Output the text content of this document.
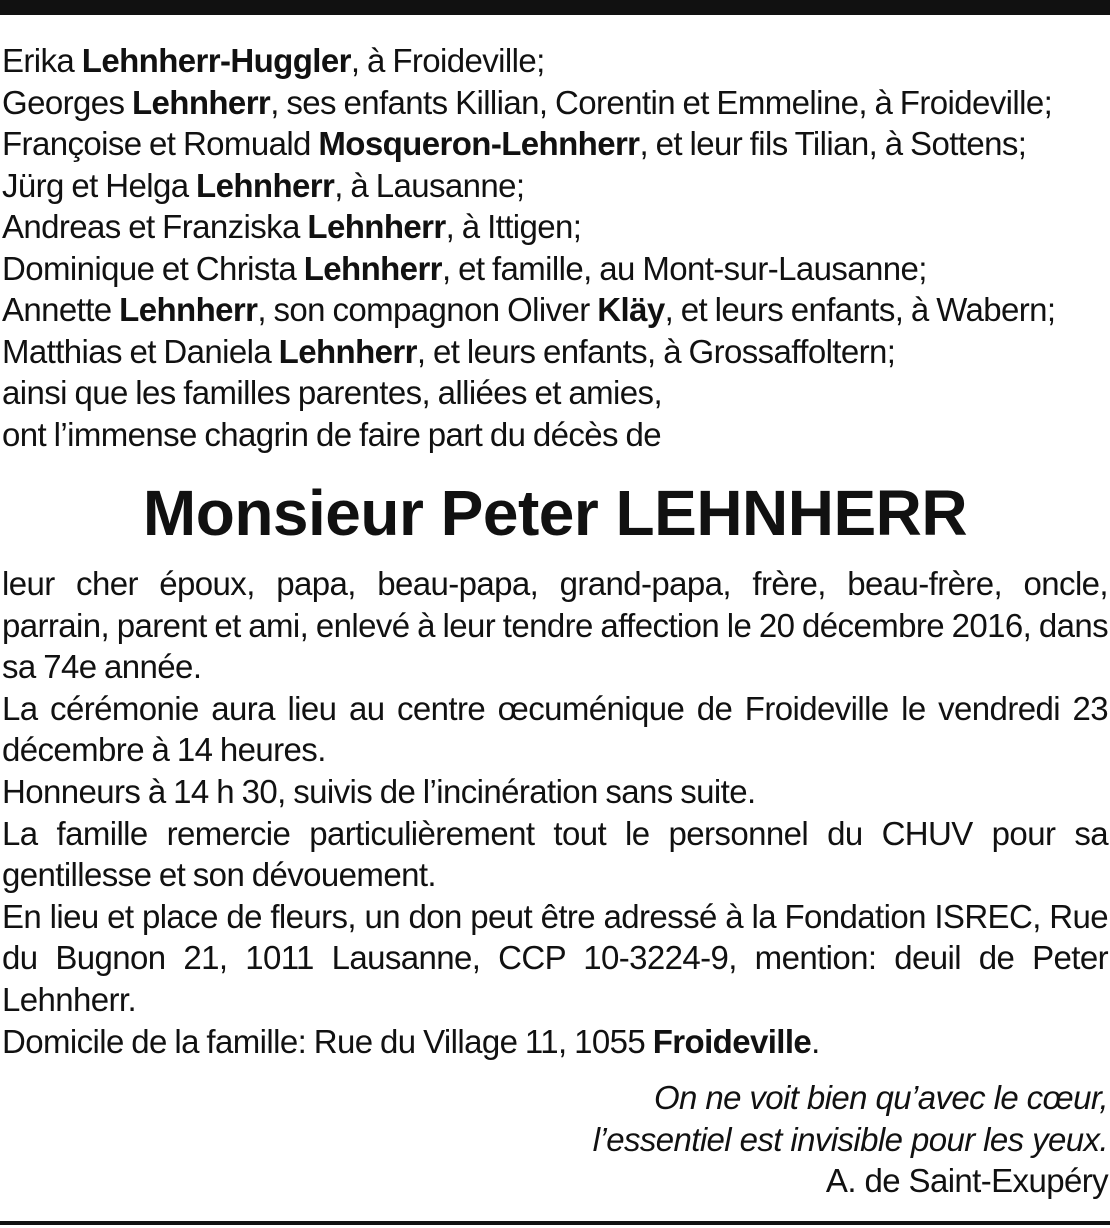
Erika Lehnherr-Huggler, à Froideville;
Georges Lehnherr, ses enfants Killian, Corentin et Emmeline, à Froideville;
Françoise et Romuald Mosqueron-Lehnherr, et leur fils Tilian, à Sottens;
Jürg et Helga Lehnherr, à Lausanne;
Andreas et Franziska Lehnherr, à Ittigen;
Dominique et Christa Lehnherr, et famille, au Mont-sur-Lausanne;
Annette Lehnherr, son compagnon Oliver Kläy, et leurs enfants, à Wabern;
Matthias et Daniela Lehnherr, et leurs enfants, à Grossaffoltern;
ainsi que les familles parentes, alliées et amies,
ont l’immense chagrin de faire part du décès de
Monsieur Peter LEHNHERR

leur cher époux, papa, beau-papa, grand-papa, frère, beau-frère, oncle, parrain, parent et ami, enlevé à leur tendre affection le 20 décembre 2016, dans sa 74e année.

La cérémonie aura lieu au centre œcuménique de Froideville le vendredi 23 décembre à 14 heures.

Honneurs à 14 h 30, suivis de l’incinération sans suite.

La famille remercie particulièrement tout le personnel du CHUV pour sa gentillesse et son dévouement.

En lieu et place de fleurs, un don peut être adressé à la Fondation ISREC, Rue du Bugnon 21, 1011 Lausanne, CCP 10-3224-9, mention: deuil de Peter Lehnherr.

Domicile de la famille: Rue du Village 11, 1055 Froideville.

On ne voit bien qu’avec le cœur,
l’essentiel est invisible pour les yeux.
A. de Saint-Exupéry
